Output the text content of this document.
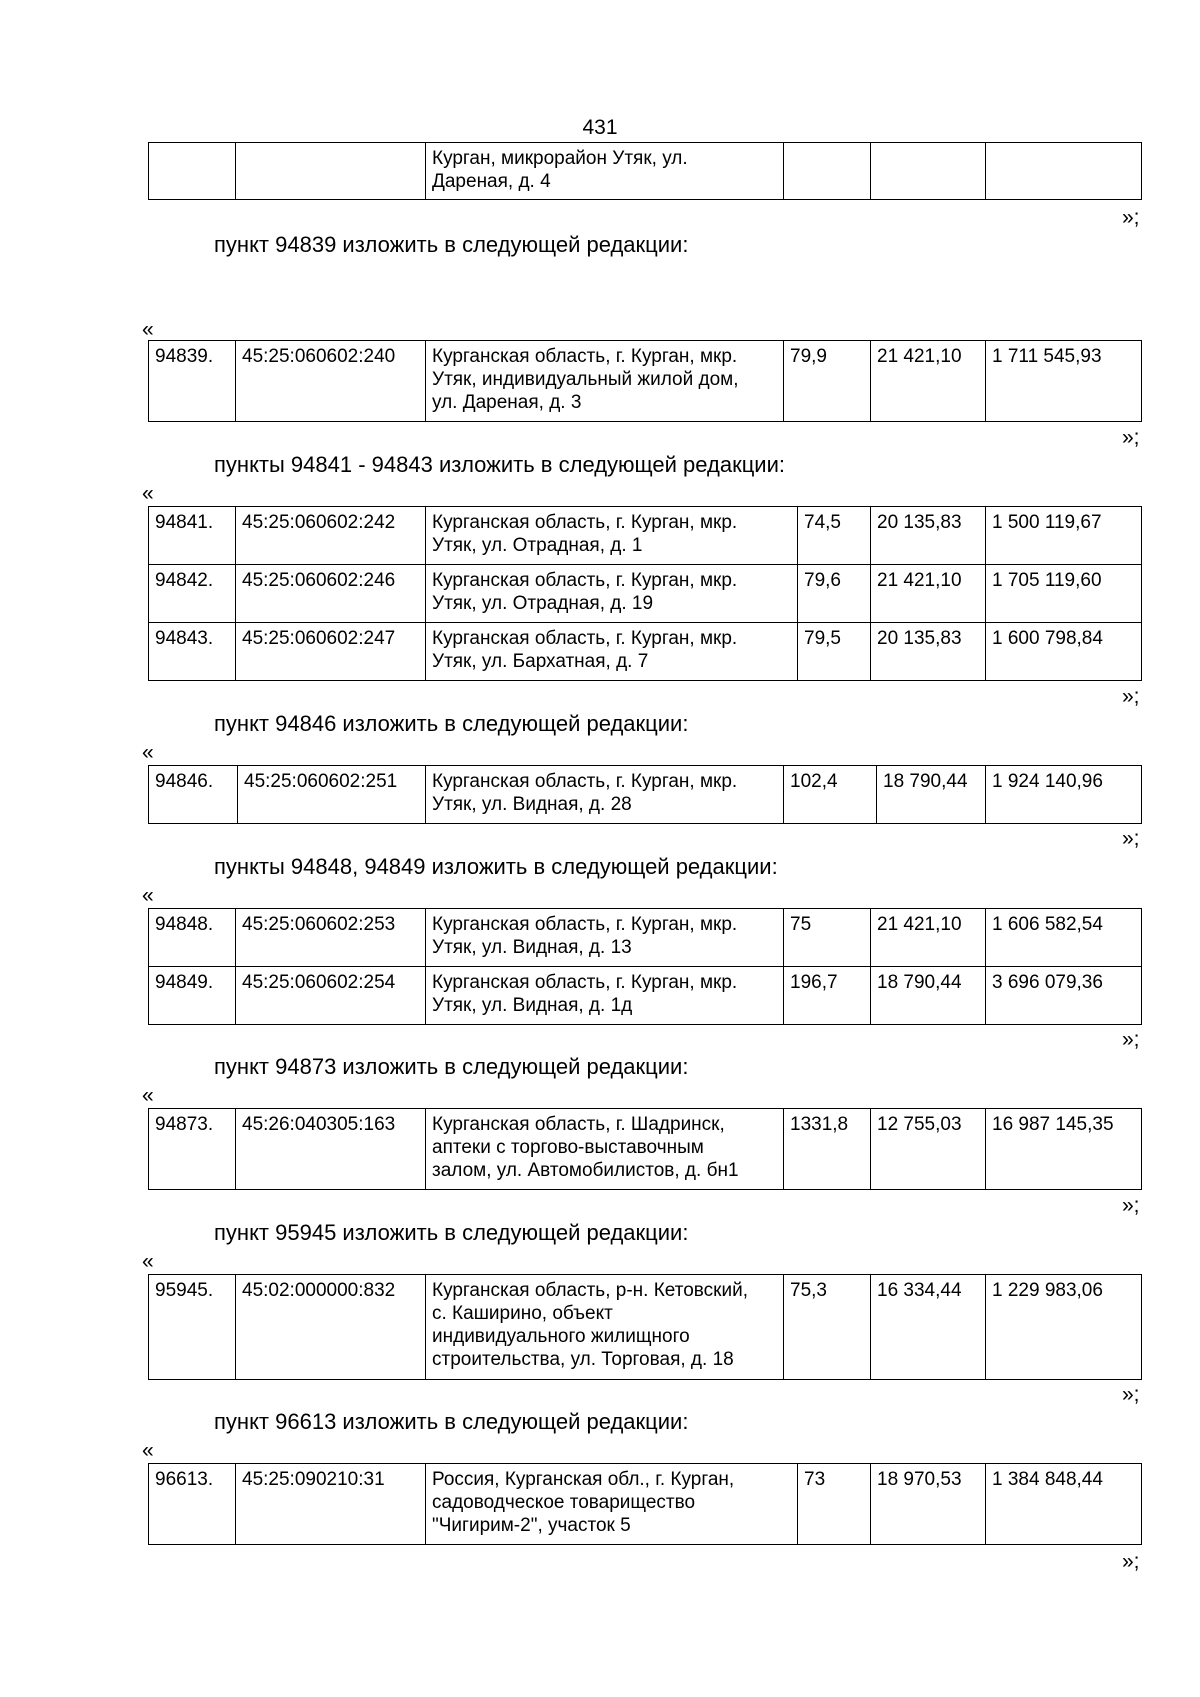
431
		Курган, микрорайон Утяк, ул.
Дареная, д. 4			
»;
пункт 94839 изложить в следующей редакции:
«
94839.	45:25:060602:240	Курганская область, г. Курган, мкр.
Утяк, индивидуальный жилой дом,
ул. Дареная, д. 3	79,9	21 421,10	1 711 545,93
»;
пункты 94841 - 94843 изложить в следующей редакции:
«
94841.	45:25:060602:242	Курганская область, г. Курган, мкр.
Утяк, ул. Отрадная, д. 1	74,5	20 135,83	1 500 119,67
94842.	45:25:060602:246	Курганская область, г. Курган, мкр.
Утяк, ул. Отрадная, д. 19	79,6	21 421,10	1 705 119,60
94843.	45:25:060602:247	Курганская область, г. Курган, мкр.
Утяк, ул. Бархатная, д. 7	79,5	20 135,83	1 600 798,84
»;
пункт 94846 изложить в следующей редакции:
«
94846.	45:25:060602:251	Курганская область, г. Курган, мкр.
Утяк, ул. Видная, д. 28	102,4	18 790,44	1 924 140,96
»;
пункты 94848, 94849 изложить в следующей редакции:
«
94848.	45:25:060602:253	Курганская область, г. Курган, мкр.
Утяк, ул. Видная, д. 13	75	21 421,10	1 606 582,54
94849.	45:25:060602:254	Курганская область, г. Курган, мкр.
Утяк, ул. Видная, д. 1д	196,7	18 790,44	3 696 079,36
»;
пункт 94873 изложить в следующей редакции:
«
94873.	45:26:040305:163	Курганская область, г. Шадринск,
аптеки с торгово-выставочным
залом, ул. Автомобилистов, д. бн1	1331,8	12 755,03	16 987 145,35
»;
пункт 95945 изложить в следующей редакции:
«
95945.	45:02:000000:832	Курганская область, р-н. Кетовский,
с. Каширино, объект
индивидуального жилищного
строительства, ул. Торговая, д. 18	75,3	16 334,44	1 229 983,06
»;
пункт 96613 изложить в следующей редакции:
«
96613.	45:25:090210:31	Россия, Курганская обл., г. Курган,
садоводческое товарищество
"Чигирим-2", участок 5	73	18 970,53	1 384 848,44
»;
